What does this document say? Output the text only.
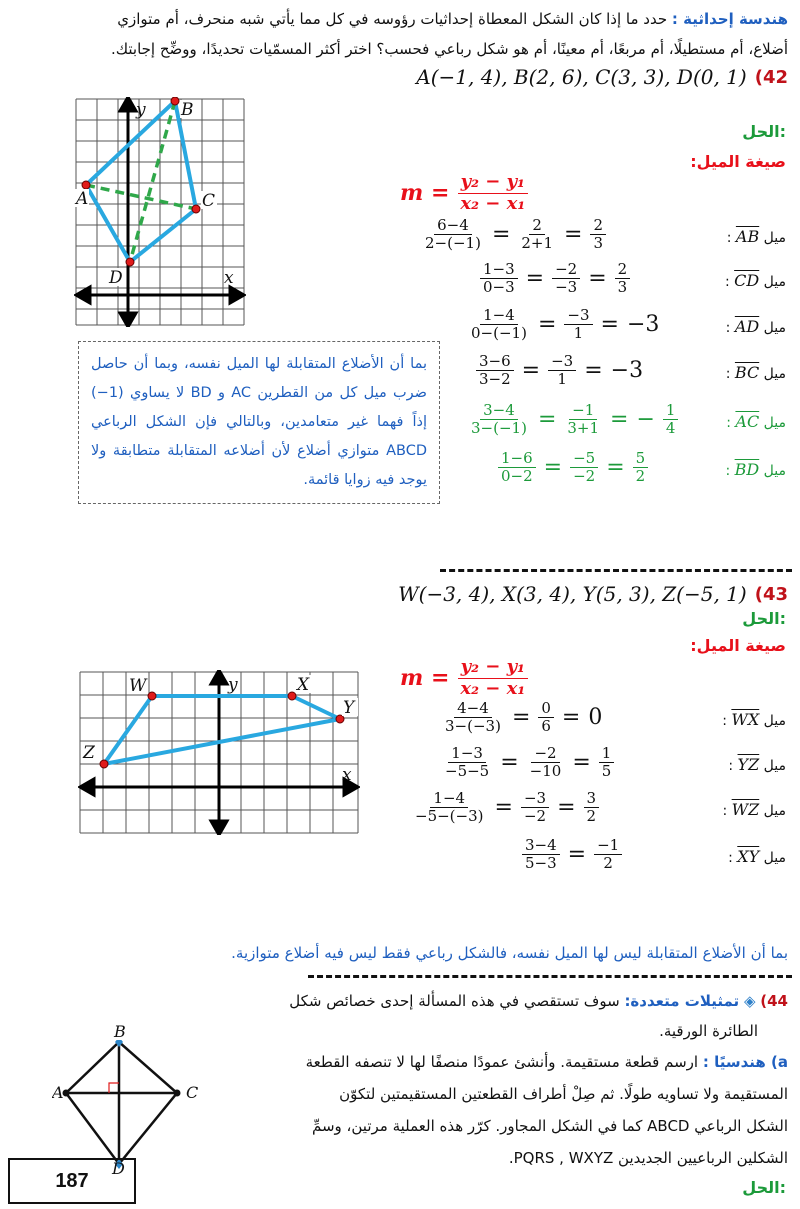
هندسة إحداثية : حدد ما إذا كان الشكل المعطاة إحداثيات رؤوسه في كل مما يأتي شبه منحرف، أم متوازي
أضلاع، أم مستطيلًا، أم مربعًا، أم معينًا، أم هو شكل رباعي فحسب؟ اختر أكثر المسمّيات تحديدًا، ووضِّح إجابتك.
A(−1, 4), B(2, 6), C(3, 3), D(0, 1) (42
B
A	C
D
y
x
الحل:
صيغة الميل:
$m = \frac{\text{y₂ − y₁}}{\text{x₂ − x₁}}$
$\frac{6-4}{2-(-1)} = \frac{2}{2+1} = \frac{2}{3}$	ميل AB :
$\frac{1-3}{0-3} = \frac{-2}{-3} = \frac{2}{3}$	ميل CD :
$\frac{1-4}{0-(-1)} = \frac{-3}{1} = -3$	ميل AD :
$\frac{3-6}{3-2} = \frac{-3}{1} = -3$	ميل BC :
$\frac{3-4}{3-(-1)} = \frac{-1}{3+1}$ = − $\frac{1}{4}$	ميل AC :
$\frac{1-6}{0-2} = \frac{-5}{-2} = \frac{5}{2}$	ميل BD :
بما أن الأضلاع المتقابلة لها الميل نفسه، وبما أن حاصل ضرب ميل كل من القطرين AC و BD لا يساوي (1−) إذاً فهما غير متعامدين، وبالتالي فإن الشكل الرباعي ABCD متوازي أضلاع لأن أضلاعه المتقابلة متطابقة ولا يوجد فيه زوايا قائمة.
W(−3, 4), X(3, 4), Y(5, 3), Z(−5, 1) (43
الحل:
صيغة الميل:
W	X
Y
Z
y
x
$m = \frac{\text{y₂ − y₁}}{\text{x₂ − x₁}}$
$\frac{4-4}{3-(-3)} = \frac{0}{6} = 0$	ميل WX :
$\frac{1-3}{-5-5} = \frac{-2}{-10} = \frac{1}{5}$	ميل YZ :
$\frac{1-4}{-5-(-3)} = \frac{-3}{-2} = \frac{3}{2}$	ميل WZ :
$\frac{3-4}{5-3} = \frac{-1}{2}$	ميل XY :
بما أن الأضلاع المتقابلة ليس لها الميل نفسه، فالشكل رباعي فقط ليس فيه أضلاع متوازية.
44) ◈ تمثيلات متعددة: سوف تستقصي في هذه المسألة إحدى خصائص شكل
الطائرة الورقية.
a) هندسيًا : ارسم قطعة مستقيمة. وأنشئ عمودًا منصفًا لها لا تنصفه القطعة
المستقيمة ولا تساويه طولًا. ثم صِلْ أطراف القطعتين المستقيمتين لتكوّن
الشكل الرباعي ABCD كما في الشكل المجاور. كرّر هذه العملية مرتين، وسمِّ
الشكلين الرباعيين الجديدين PQRS , WXYZ.
A	C
D
B
الحل:
187
